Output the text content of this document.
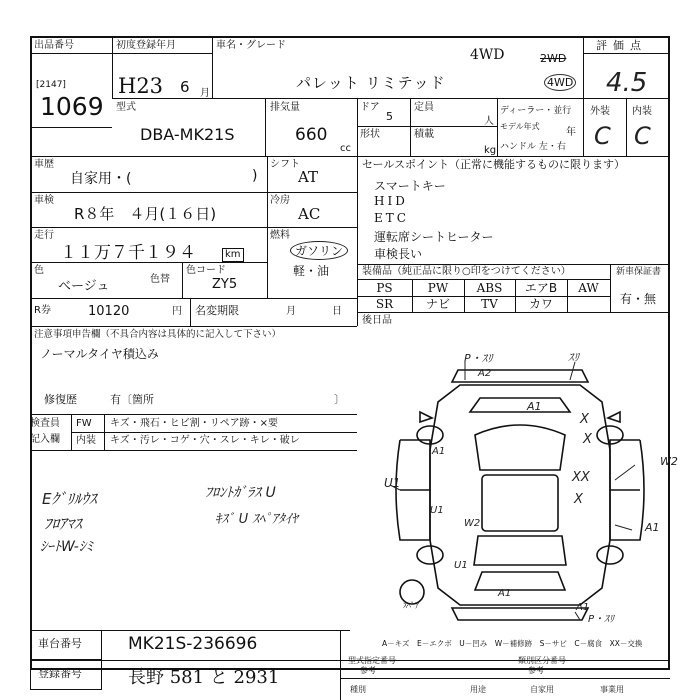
出品番号
[2147]
1069
初度登録年月
H23 6 月
車名・グレード
4WD	2WD
4WD
パレット リミテッド
評価点
4.5
型式
DBA-MK21S
排気量
660
cc
ドア
5
定員
人
形状	積載
kg
ディーラー・並行
モデル年式
年
ハンドル 左・右
外装 内装
C C
車歴
自家用・(	)
シフト
AT
車検
R８年　４月(１６日)
冷房
AC
走行
１１万７千１９４	km
燃料
ガソリン
軽・油
色
ベージュ	色替
色コード
ZY5
R券	10120	円 名変期限	月	日
注意事項申告欄（不具合内容は具体的に記入して下さい）
ノーマルタイヤ積込み
修復歴	有〔箇所	〕
検査員
記入欄
FW キズ・飛石・ヒビ割・リペア跡・×要
内装 キズ・汚レ・コゲ・穴・スレ・キレ・破レ
Eｸﾞﾘﾙｳｽ	ﾌﾛﾝﾄｶﾞﾗｽ U
ﾌﾛｱﾏｽ	ｷｽﾞ U ｽﾍﾟｱﾀｲﾔ
ｼｰﾄW-ｼﾐ
セールスポイント（正常に機能するものに限ります）
スマートキー
HID
ETC
運転席シートヒーター
車検長い
装備品（純正品に限り○印をつけてください）	新車保証書
有・無
PS	PW	ABS	エアB	AW
SR	ナビ	TV	カワ
後日品
P・ｽﾘ
A2
ｽﾘ
A1
X
X
A1
U1	XX
X
U1
W2
A1
W2
U1
A1
A1
P・ｽﾘ
ｽﾍﾟｱ
A－キズ　E－エクボ　U－凹み　W－補修跡　S－サビ　C－腐食　XX－交換
車台番号	MK21S-236696
登録番号	長野 581 と 2931
型式指定番号
参考
類別区分番号
参考
種別	用途	自家用	事業用
